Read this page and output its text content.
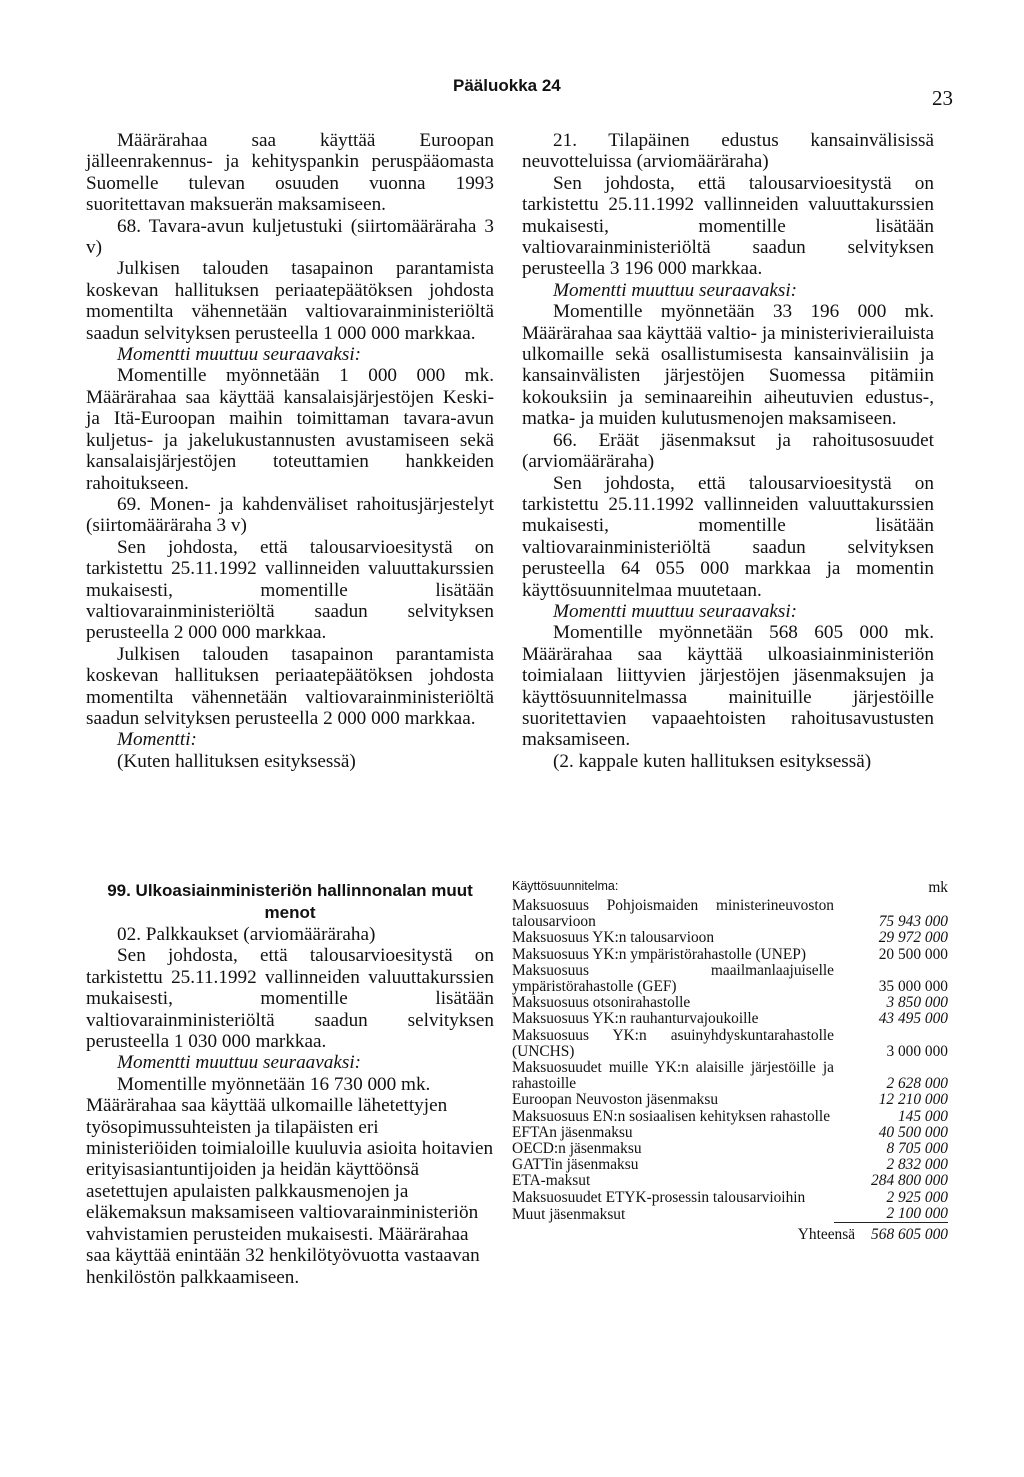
Pääluokka 24
23

Määrärahaa saa käyttää Euroopan jälleenrakennus- ja kehityspankin peruspääomasta Suomelle tulevan osuuden vuonna 1993 suoritettavan maksuerän maksamiseen.

68. Tavara-avun kuljetustuki (siirtomääräraha 3 v)

Julkisen talouden tasapainon parantamista koskevan hallituksen periaatepäätöksen johdosta momentilta vähennetään valtiovarainministeriöltä saadun selvityksen perusteella 1 000 000 markkaa.

Momentti muuttuu seuraavaksi:

Momentille myönnetään 1 000 000 mk. Määrärahaa saa käyttää kansalaisjärjestöjen Keski- ja Itä-Euroopan maihin toimittaman tavara-avun kuljetus- ja jakelukustannusten avustamiseen sekä kansalaisjärjestöjen toteuttamien hankkeiden rahoitukseen.

69. Monen- ja kahdenväliset rahoitusjärjestelyt (siirtomääräraha 3 v)

Sen johdosta, että talousarvioesitystä on tarkistettu 25.11.1992 vallinneiden valuuttakurssien mukaisesti, momentille lisätään valtiovarainministeriöltä saadun selvityksen perusteella 2 000 000 markkaa.

Julkisen talouden tasapainon parantamista koskevan hallituksen periaatepäätöksen johdosta momentilta vähennetään valtiovarainministeriöltä saadun selvityksen perusteella 2 000 000 markkaa.

Momentti:

(Kuten hallituksen esityksessä)

21. Tilapäinen edustus kansainvälisissä neuvotteluissa (arviomääräraha)

Sen johdosta, että talousarvioesitystä on tarkistettu 25.11.1992 vallinneiden valuuttakurssien mukaisesti, momentille lisätään valtiovarainministeriöltä saadun selvityksen perusteella 3 196 000 markkaa.

Momentti muuttuu seuraavaksi:

Momentille myönnetään 33 196 000 mk. Määrärahaa saa käyttää valtio- ja ministerivierailuista ulkomaille sekä osallistumisesta kansainvälisiin ja kansainvälisten järjestöjen Suomessa pitämiin kokouksiin ja seminaareihin aiheutuvien edustus-, matka- ja muiden kulutusmenojen maksamiseen.

66. Eräät jäsenmaksut ja rahoitusosuudet (arviomääräraha)

Sen johdosta, että talousarvioesitystä on tarkistettu 25.11.1992 vallinneiden valuuttakurssien mukaisesti, momentille lisätään valtiovarainministeriöltä saadun selvityksen perusteella 64 055 000 markkaa ja momentin käyttösuunnitelmaa muutetaan.

Momentti muuttuu seuraavaksi:

Momentille myönnetään 568 605 000 mk. Määrärahaa saa käyttää ulkoasiainministeriön toimialaan liittyvien järjestöjen jäsenmaksujen ja käyttösuunnitelmassa mainituille järjestöille suoritettavien vapaaehtoisten rahoitusavustusten maksamiseen.

(2. kappale kuten hallituksen esityksessä)

99. Ulkoasiainministeriön hallinnonalan muut menot

02. Palkkaukset (arviomääräraha)

Sen johdosta, että talousarvioesitystä on tarkistettu 25.11.1992 vallinneiden valuuttakurssien mukaisesti, momentille lisätään valtiovarainministeriöltä saadun selvityksen perusteella 1 030 000 markkaa.

Momentti muuttuu seuraavaksi:

Momentille myönnetään 16 730 000 mk. Määrärahaa saa käyttää ulkomaille lähetettyjen työsopimussuhteisten ja tilapäisten eri ministeriöiden toimialoille kuuluvia asioita hoitavien erityisasiantuntijoiden ja heidän käyttöönsä asetettujen apulaisten palkkausmenojen ja eläkemaksun maksamiseen valtiovarainministeriön vahvistamien perusteiden mukaisesti. Määrärahaa saa käyttää enintään 32 henkilötyövuotta vastaavan henkilöstön palkkaamiseen.

Käyttösuunnitelma:	mk
Maksuosuus Pohjoismaiden ministerineuvoston talousarvioon	75 943 000
Maksuosuus YK:n talousarvioon	29 972 000
Maksuosuus YK:n ympäristörahastolle (UNEP)	20 500 000
Maksuosuus maailmanlaajuiselle ympäristörahastolle (GEF)	35 000 000
Maksuosuus otsonirahastolle	3 850 000
Maksuosuus YK:n rauhanturvajoukoille	43 495 000
Maksuosuus YK:n asuinyhdyskuntarahastolle (UNCHS)	3 000 000
Maksuosuudet muille YK:n alaisille järjestöille ja rahastoille	2 628 000
Euroopan Neuvoston jäsenmaksu	12 210 000
Maksuosuus EN:n sosiaalisen kehityksen rahastolle	145 000
EFTAn jäsenmaksu	40 500 000
OECD:n jäsenmaksu	8 705 000
GATTin jäsenmaksu	2 832 000
ETA-maksut	284 800 000
Maksuosuudet ETYK-prosessin talousarvioihin	2 925 000
Muut jäsenmaksut	2 100 000
Yhteensä 568 605 000
